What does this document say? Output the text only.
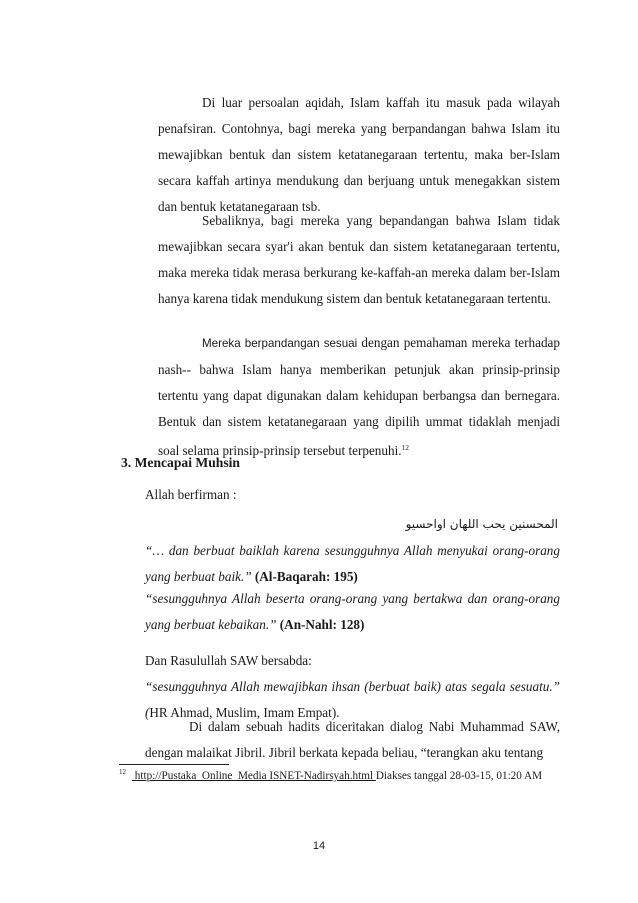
Di luar persoalan aqidah, Islam kaffah itu masuk pada wilayah penafsiran. Contohnya, bagi mereka yang berpandangan bahwa Islam itu mewajibkan bentuk dan sistem ketatanegaraan tertentu, maka ber-Islam secara kaffah artinya mendukung dan berjuang untuk menegakkan sistem dan bentuk ketatanegaraan tsb.
Sebaliknya, bagi mereka yang bepandangan bahwa Islam tidak mewajibkan secara syar'i akan bentuk dan sistem ketatanegaraan tertentu, maka mereka tidak merasa berkurang ke-kaffah-an mereka dalam ber-Islam hanya karena tidak mendukung sistem dan bentuk ketatanegaraan tertentu.
Mereka berpandangan sesuai dengan pemahaman mereka terhadap nash-- bahwa Islam hanya memberikan petunjuk akan prinsip-prinsip tertentu yang dapat digunakan dalam kehidupan berbangsa dan bernegara. Bentuk dan sistem ketatanegaraan yang dipilih ummat tidaklah menjadi soal selama prinsip-prinsip tersebut terpenuhi.$^{12}$
3. Mencapai Muhsin
Allah berfirman :
المحسنين يحب اللهان اواحسيو
“… dan berbuat baiklah karena sesungguhnya Allah menyukai orang-orang yang berbuat baik.” (Al-Baqarah: 195)
“sesungguhnya Allah beserta orang-orang yang bertakwa dan orang-orang yang berbuat kebaikan.” (An-Nahl: 128)
Dan Rasulullah SAW bersabda:
“sesungguhnya Allah mewajibkan ihsan (berbuat baik) atas segala sesuatu.” (HR Ahmad, Muslim, Imam Empat).
Di dalam sebuah hadits diceritakan dialog Nabi Muhammad SAW, dengan malaikat Jibril. Jibril berkata kepada beliau, “terangkan aku tentang
$^{12}$ http://Pustaka_Online_Media ISNET-Nadirsyah.html Diakses tanggal 28-03-15, 01:20 AM
14
